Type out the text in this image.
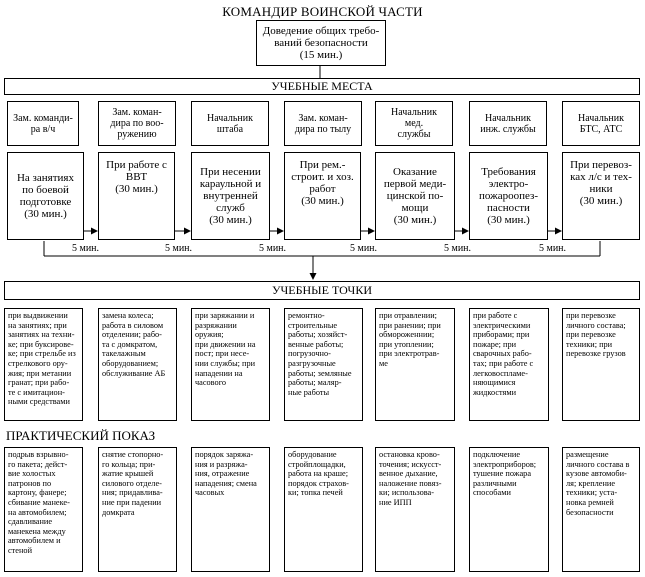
КОМАНДИР ВОИНСКОЙ ЧАСТИ
Доведение общих требо-
ваний безопасности
(15 мин.)
УЧЕБНЫЕ МЕСТА
Зам. команди-
ра в/ч
Зам. коман-
дира по воо-
ружению
Начальник
штаба
Зам. коман-
дира по тылу
Начальник
мед.
службы
Начальник
инж. службы
Начальник
БТС, АТС
На занятиях
по боевой
подготовке
(30 мин.)
При работе с
ВВТ
(30 мин.)
При несении
караульной и
внутренней
служб
(30 мин.)
При рем.-
строит. и хоз.
работ
(30 мин.)
Оказание
первой меди-
цинской по-
мощи
(30 мин.)
Требования
электро-
пожароопез-
пасности
(30 мин.)
При перевоз-
ках л/с и тех-
ники
(30 мин.)
5 мин.	5 мин.	5 мин.	5 мин.	5 мин.	5 мин.
УЧЕБНЫЕ ТОЧКИ
при выдвижении
на занятиях; при
занятиях на техни-
ке; при буксирове-
ке; при стрельбе из
стрелкового ору-
жия; при метании
гранат; при рабо-
те с имитацион-
ными средствами
замена колеса;
работа в силовом
отделении; рабо-
та с домкратом,
такелажным
оборудованием;
обслуживание АБ
при заряжании и
разряжании
оружия;
при движении на
пост; при несе-
нии службы; при
нападении на
часового
ремонтно-
строительные
работы; хозяйст-
венные работы;
погрузочно-
разгрузочные
работы; земляные
работы; маляр-
ные работы
при отравлении;
при ранении; при
обмороженнии;
при утоплении;
при электротрав-
ме
при работе с
электрическими
приборами; при
пожаре; при
сварочных рабо-
тах; при работе с
легковоспламе-
няющимися
жидкостями
при перевозке
личного состава;
при перевозке
техники; при
перевозке грузов
ПРАКТИЧЕСКИЙ ПОКАЗ
подрыв взрывно-
го пакета; дейст-
вие холостых
патронов по
картону, фанере;
сбивание манеке-
на автомобилем;
сдавливание
манекена между
автомобилем и
стеной
снятие стопорно-
го кольца; при-
жатие крышей
силового отделе-
ния; придавлива-
ние при падении
домкрата
порядок заряжа-
ния и разряжа-
ния, отражение
нападения; смена
часовых
оборудование
стройплощадки,
работа на краше;
порядок страхов-
ки; топка печей
остановка крово-
точения; искусст-
венное дыхание,
наложение повяз-
ки; использова-
ние ИПП
подключение
электроприборов;
тушение пожара
различными
способами
размещение
личного состава в
кузове автомоби-
ля; крепление
техники; уста-
новка ремней
безопасности
